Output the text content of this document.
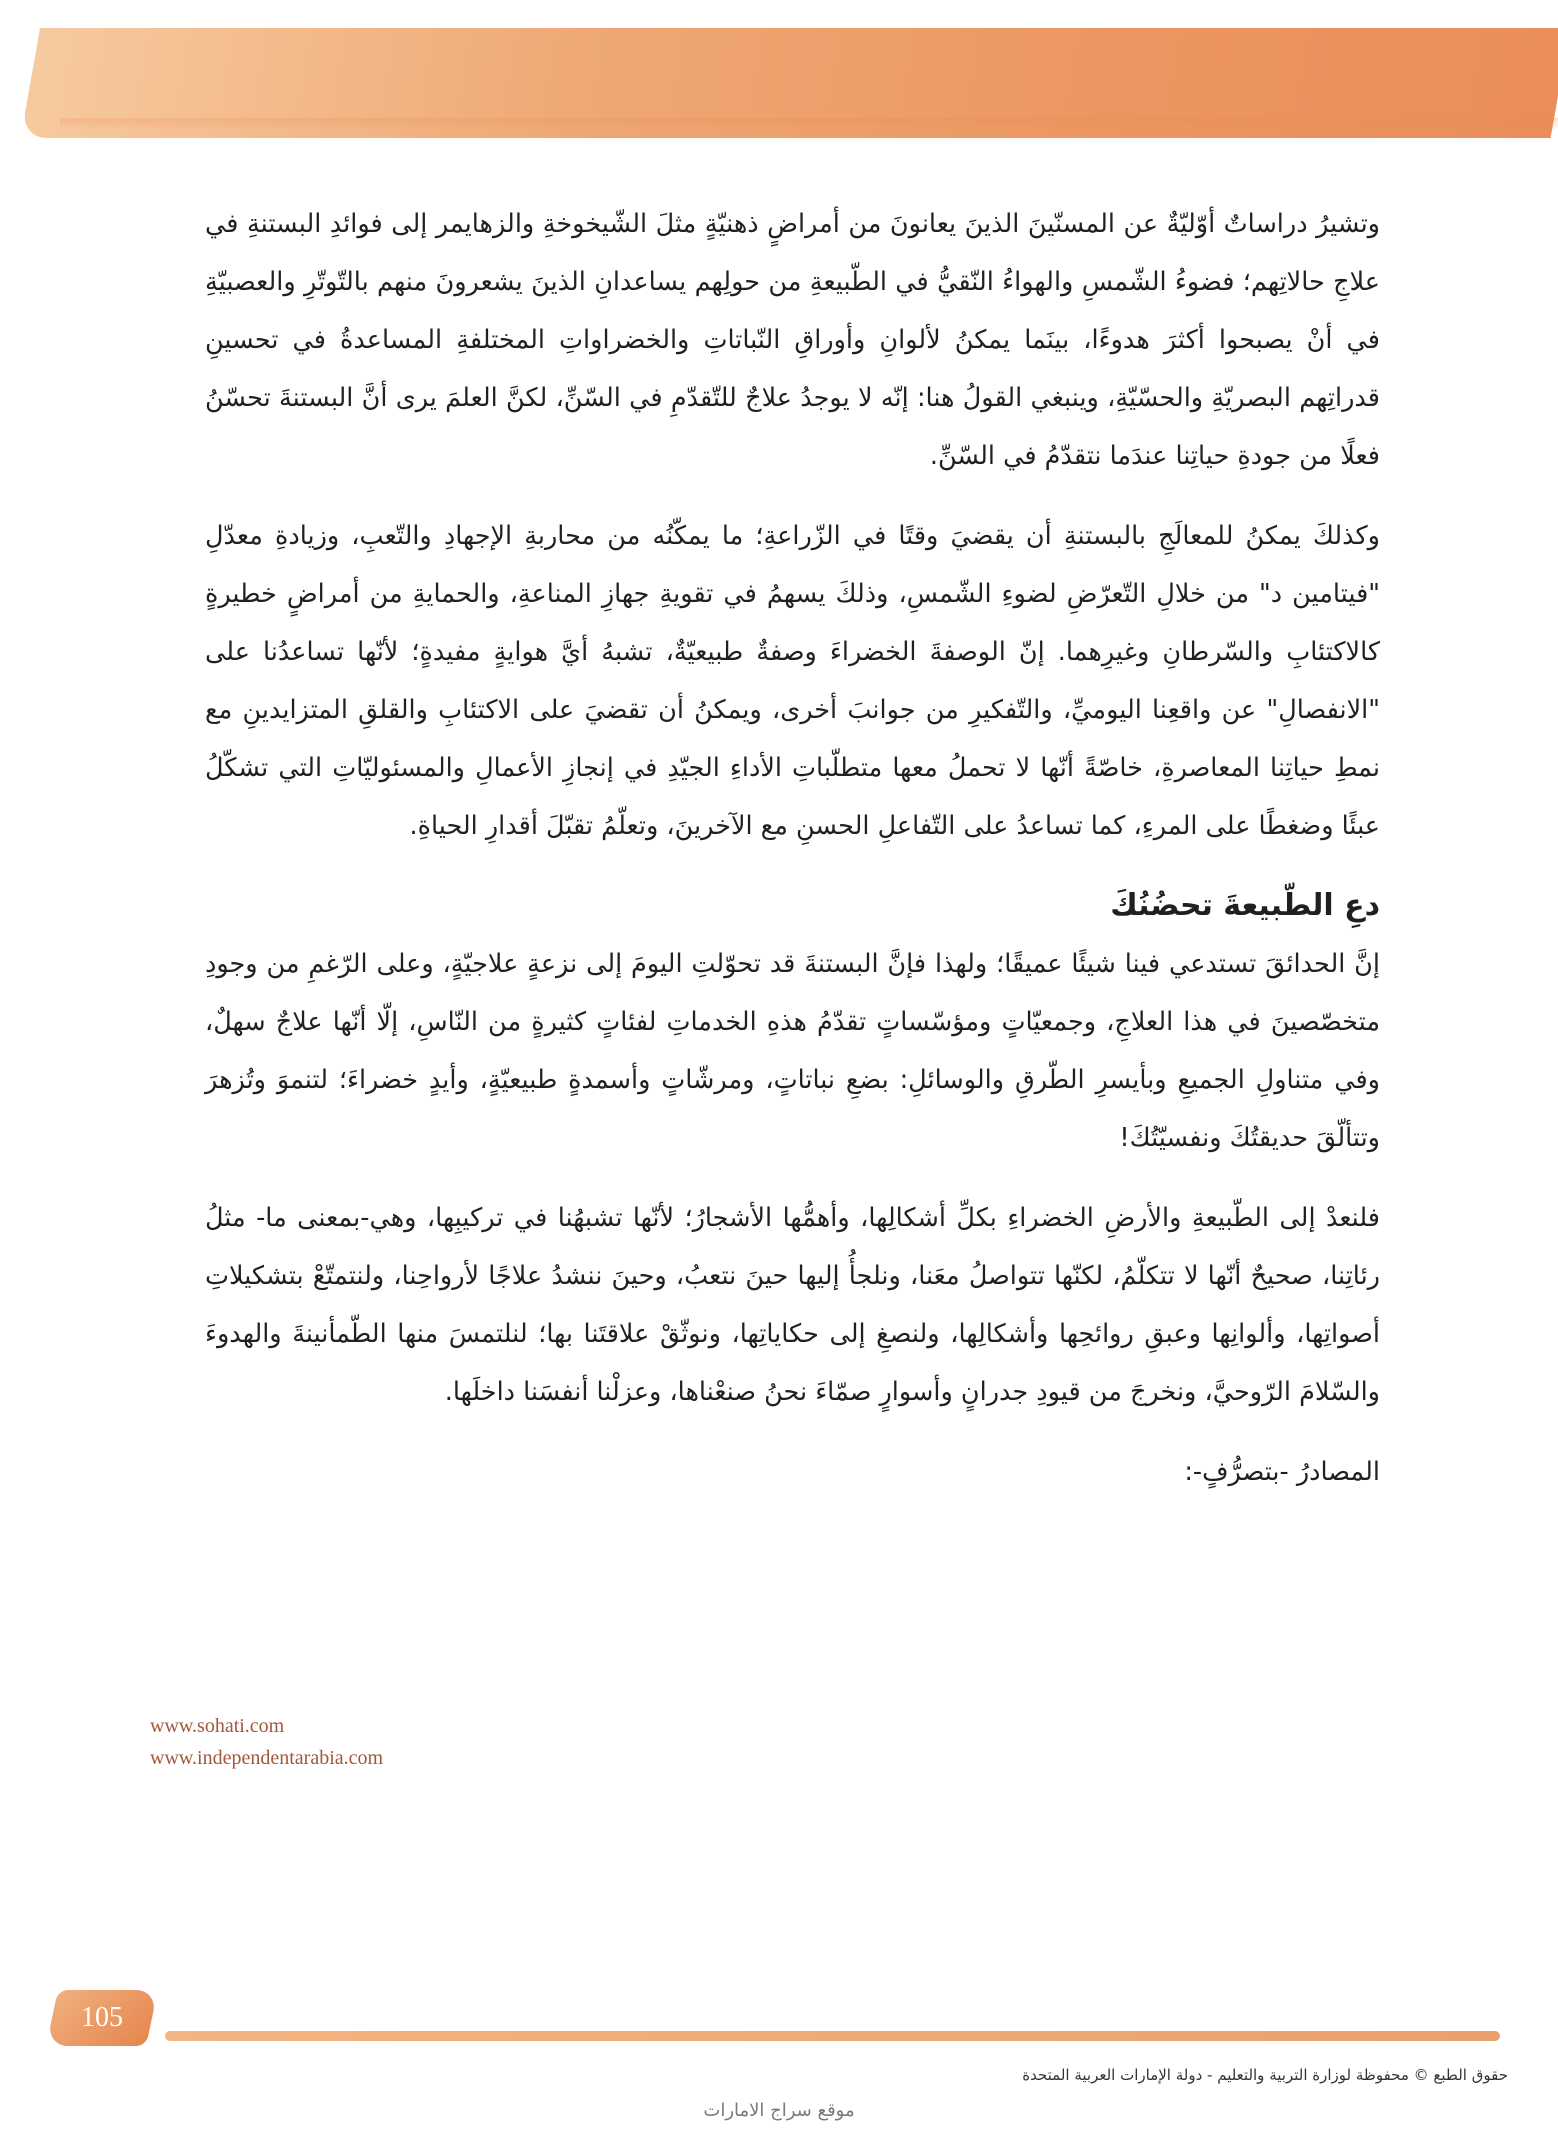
وتشيرُ دراساتٌ أوّليّةٌ عن المسنّينَ الذينَ يعانونَ من أمراضٍ ذهنيّةٍ مثلَ الشّيخوخةِ والزهايمر إلى فوائدِ البستنةِ في علاجِ حالاتِهم؛ فضوءُ الشّمسِ والهواءُ النّقيُّ في الطّبيعةِ من حولِهم يساعدانِ الذينَ يشعرونَ منهم بالتّوتّرِ والعصبيّةِ في أنْ يصبحوا أكثرَ هدوءًا، بينَما يمكنُ لألوانِ وأوراقِ النّباتاتِ والخضراواتِ المختلفةِ المساعدةُ في تحسينِ قدراتِهم البصريّةِ والحسّيّةِ، وينبغي القولُ هنا: إنّه لا يوجدُ علاجٌ للتّقدّمِ في السّنِّ، لكنَّ العلمَ يرى أنَّ البستنةَ تحسّنُ فعلًا من جودةِ حياتِنا عندَما نتقدّمُ في السّنِّ.

وكذلكَ يمكنُ للمعالَجِ بالبستنةِ أن يقضيَ وقتًا في الزّراعةِ؛ ما يمكّنُه من محاربةِ الإجهادِ والتّعبِ، وزيادةِ معدّلِ "فيتامين د" من خلالِ التّعرّضِ لضوءِ الشّمسِ، وذلكَ يسهمُ في تقويةِ جهازِ المناعةِ، والحمايةِ من أمراضٍ خطيرةٍ كالاكتئابِ والسّرطانِ وغيرِهما. إنّ الوصفةَ الخضراءَ وصفةٌ طبيعيّةٌ، تشبهُ أيَّ هوايةٍ مفيدةٍ؛ لأنّها تساعدُنا على "الانفصالِ" عن واقعِنا اليوميِّ، والتّفكيرِ من جوانبَ أخرى، ويمكنُ أن تقضيَ على الاكتئابِ والقلقِ المتزايدينِ مع نمطِ حياتِنا المعاصرةِ، خاصّةً أنّها لا تحملُ معها متطلّباتِ الأداءِ الجيّدِ في إنجازِ الأعمالِ والمسئوليّاتِ التي تشكّلُ عبئًا وضغطًا على المرءِ، كما تساعدُ على التّفاعلِ الحسنِ مع الآخرينَ، وتعلّمُ تقبّلَ أقدارِ الحياةِ.

دعِ الطّبيعةَ تحضُنُكَ

إنَّ الحدائقَ تستدعي فينا شيئًا عميقًا؛ ولهذا فإنَّ البستنةَ قد تحوّلتِ اليومَ إلى نزعةٍ علاجيّةٍ، وعلى الرّغمِ من وجودِ متخصّصينَ في هذا العلاجِ، وجمعيّاتٍ ومؤسّساتٍ تقدّمُ هذهِ الخدماتِ لفئاتٍ كثيرةٍ من النّاسِ، إلّا أنّها علاجٌ سهلٌ، وفي متناولِ الجميعِ وبأيسرِ الطّرقِ والوسائلِ: بضعِ نباتاتٍ، ومرشّاتٍ وأسمدةٍ طبيعيّةٍ، وأيدٍ خضراءَ؛ لتنموَ وتُزهرَ وتتألّقَ حديقتُكَ ونفسيّتُكَ!

فلنعدْ إلى الطّبيعةِ والأرضِ الخضراءِ بكلِّ أشكالِها، وأهمُّها الأشجارُ؛ لأنّها تشبهُنا في تركيبِها، وهي-بمعنى ما- مثلُ رئاتِنا، صحيحٌ أنّها لا تتكلّمُ، لكنّها تتواصلُ معَنا، ونلجأُ إليها حينَ نتعبُ، وحينَ ننشدُ علاجًا لأرواحِنا، ولنتمتّعْ بتشكيلاتِ أصواتِها، وألوانِها وعبقِ روائحِها وأشكالِها، ولنصغِ إلى حكاياتِها، ونوثّقْ علاقتَنا بها؛ لنلتمسَ منها الطّمأنينةَ والهدوءَ والسّلامَ الرّوحيَّ، ونخرجَ من قيودِ جدرانٍ وأسوارٍ صمّاءَ نحنُ صنعْناها، وعزلْنا أنفسَنا داخلَها.

المصادرُ -بتصرُّفٍ-:

www.sohati.com
www.independentarabia.com
105
حقوق الطبع © محفوظة لوزارة التربية والتعليم - دولة الإمارات العربية المتحدة
موقع سراج الامارات
